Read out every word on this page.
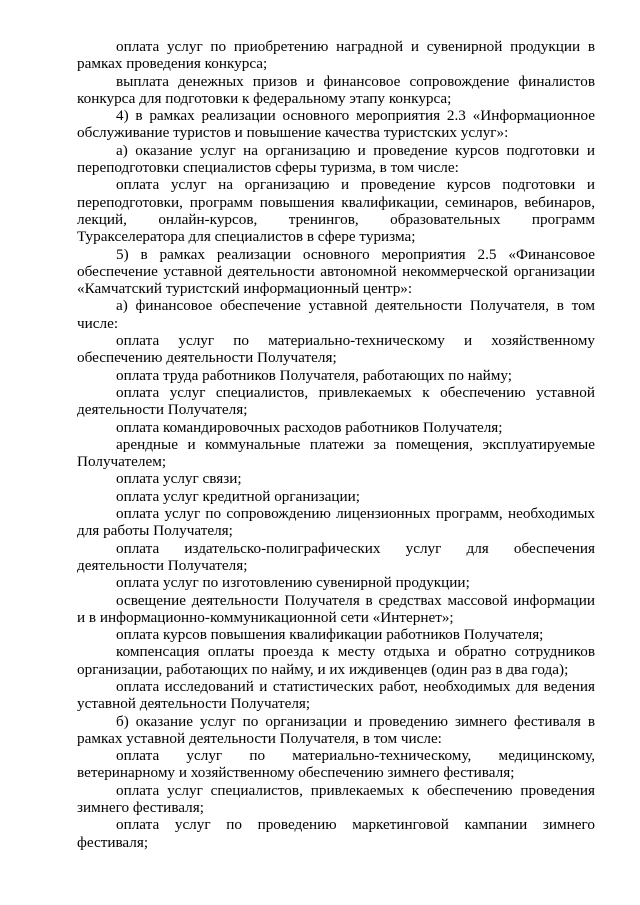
оплата услуг по приобретению наградной и сувенирной продукции в рамках проведения конкурса;

выплата денежных призов и финансовое сопровождение финалистов конкурса для подготовки к федеральному этапу конкурса;

4) в рамках реализации основного мероприятия 2.3 «Информационное обслуживание туристов и повышение качества туристских услуг»:

а) оказание услуг на организацию и проведение курсов подготовки и переподготовки специалистов сферы туризма, в том числе:

оплата услуг на организацию и проведение курсов подготовки и переподготовки, программ повышения квалификации, семинаров, вебинаров, лекций, онлайн-курсов, тренингов, образовательных программ Туракселератора для специалистов в сфере туризма;

5) в рамках реализации основного мероприятия 2.5 «Финансовое обеспечение уставной деятельности автономной некоммерческой организации «Камчатский туристский информационный центр»:

а) финансовое обеспечение уставной деятельности Получателя, в том числе:

оплата услуг по материально-техническому и хозяйственному обеспечению деятельности Получателя;

оплата труда работников Получателя, работающих по найму;

оплата услуг специалистов, привлекаемых к обеспечению уставной деятельности Получателя;

оплата командировочных расходов работников Получателя;

арендные и коммунальные платежи за помещения, эксплуатируемые Получателем;

оплата услуг связи;

оплата услуг кредитной организации;

оплата услуг по сопровождению лицензионных программ, необходимых для работы Получателя;

оплата издательско-полиграфических услуг для обеспечения деятельности Получателя;

оплата услуг по изготовлению сувенирной продукции;

освещение деятельности Получателя в средствах массовой информации и в информационно-коммуникационной сети «Интернет»;

оплата курсов повышения квалификации работников Получателя;

компенсация оплаты проезда к месту отдыха и обратно сотрудников организации, работающих по найму, и их иждивенцев (один раз в два года);

оплата исследований и статистических работ, необходимых для ведения уставной деятельности Получателя;

б) оказание услуг по организации и проведению зимнего фестиваля в рамках уставной деятельности Получателя, в том числе:

оплата услуг по материально-техническому, медицинскому, ветеринарному и хозяйственному обеспечению зимнего фестиваля;

оплата услуг специалистов, привлекаемых к обеспечению проведения зимнего фестиваля;

оплата услуг по проведению маркетинговой кампании зимнего фестиваля;
